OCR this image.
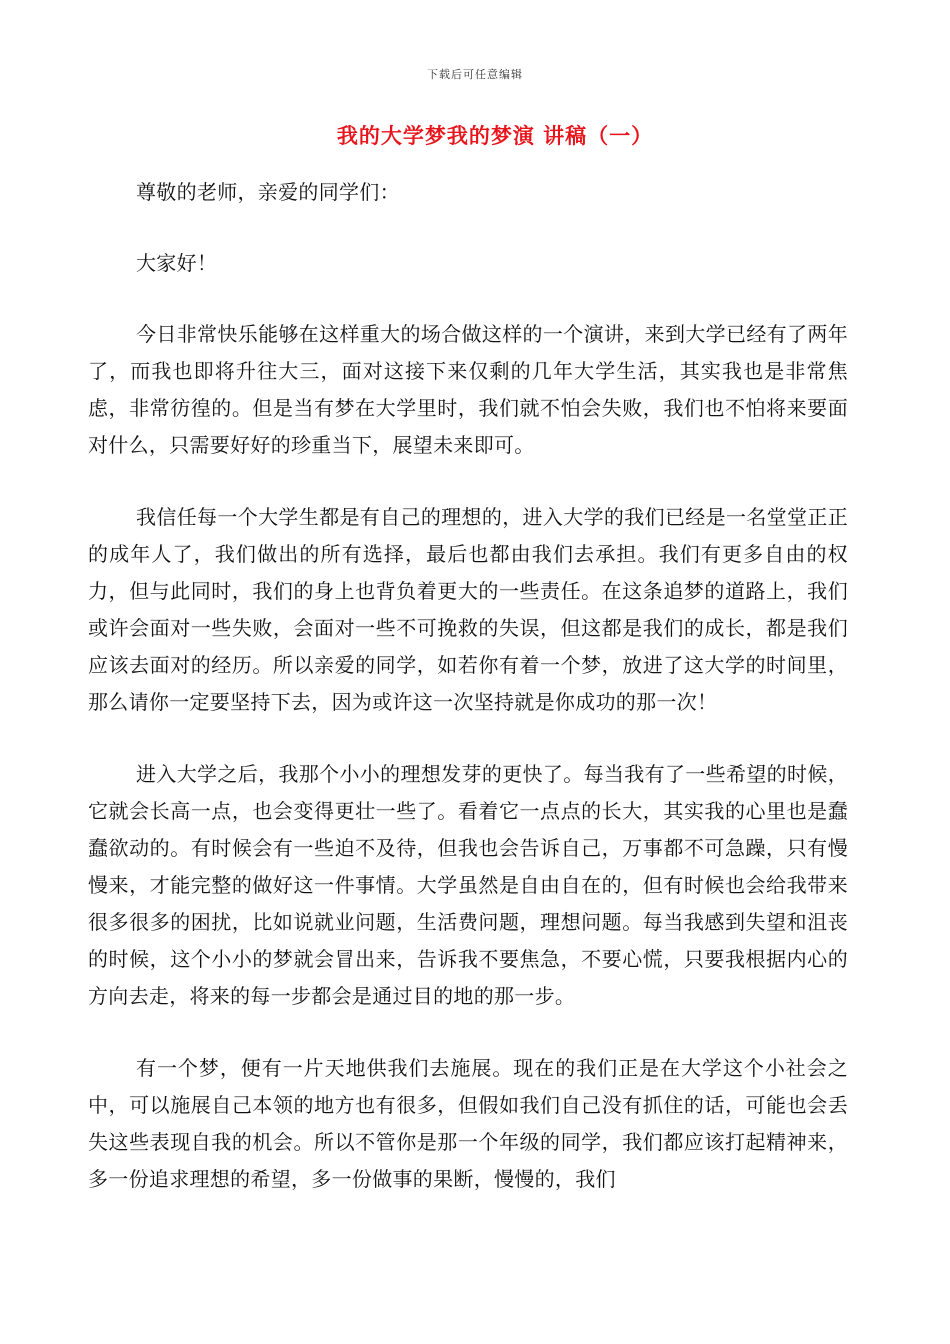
下载后可任意编辑
我的大学梦我的梦演 讲稿（一）

尊敬的老师，亲爱的同学们：

大家好！

今日非常快乐能够在这样重大的场合做这样的一个演讲，来到大学已经有了两年了，而我也即将升往大三，面对这接下来仅剩的几年大学生活，其实我也是非常焦虑，非常彷徨的。但是当有梦在大学里时，我们就不怕会失败，我们也不怕将来要面对什么，只需要好好的珍重当下，展望未来即可。

我信任每一个大学生都是有自己的理想的，进入大学的我们已经是一名堂堂正正的成年人了，我们做出的所有选择，最后也都由我们去承担。我们有更多自由的权力，但与此同时，我们的身上也背负着更大的一些责任。在这条追梦的道路上，我们或许会面对一些失败，会面对一些不可挽救的失误，但这都是我们的成长，都是我们应该去面对的经历。所以亲爱的同学，如若你有着一个梦，放进了这大学的时间里，那么请你一定要坚持下去，因为或许这一次坚持就是你成功的那一次！

进入大学之后，我那个小小的理想发芽的更快了。每当我有了一些希望的时候，它就会长高一点，也会变得更壮一些了。看着它一点点的长大，其实我的心里也是蠢蠢欲动的。有时候会有一些迫不及待，但我也会告诉自己，万事都不可急躁，只有慢慢来，才能完整的做好这一件事情。大学虽然是自由自在的，但有时候也会给我带来很多很多的困扰，比如说就业问题，生活费问题，理想问题。每当我感到失望和沮丧的时候，这个小小的梦就会冒出来，告诉我不要焦急，不要心慌，只要我根据内心的方向去走，将来的每一步都会是通过目的地的那一步。

有一个梦，便有一片天地供我们去施展。现在的我们正是在大学这个小社会之中，可以施展自己本领的地方也有很多，但假如我们自己没有抓住的话，可能也会丢失这些表现自我的机会。所以不管你是那一个年级的同学，我们都应该打起精神来，多一份追求理想的希望，多一份做事的果断，慢慢的，我们
